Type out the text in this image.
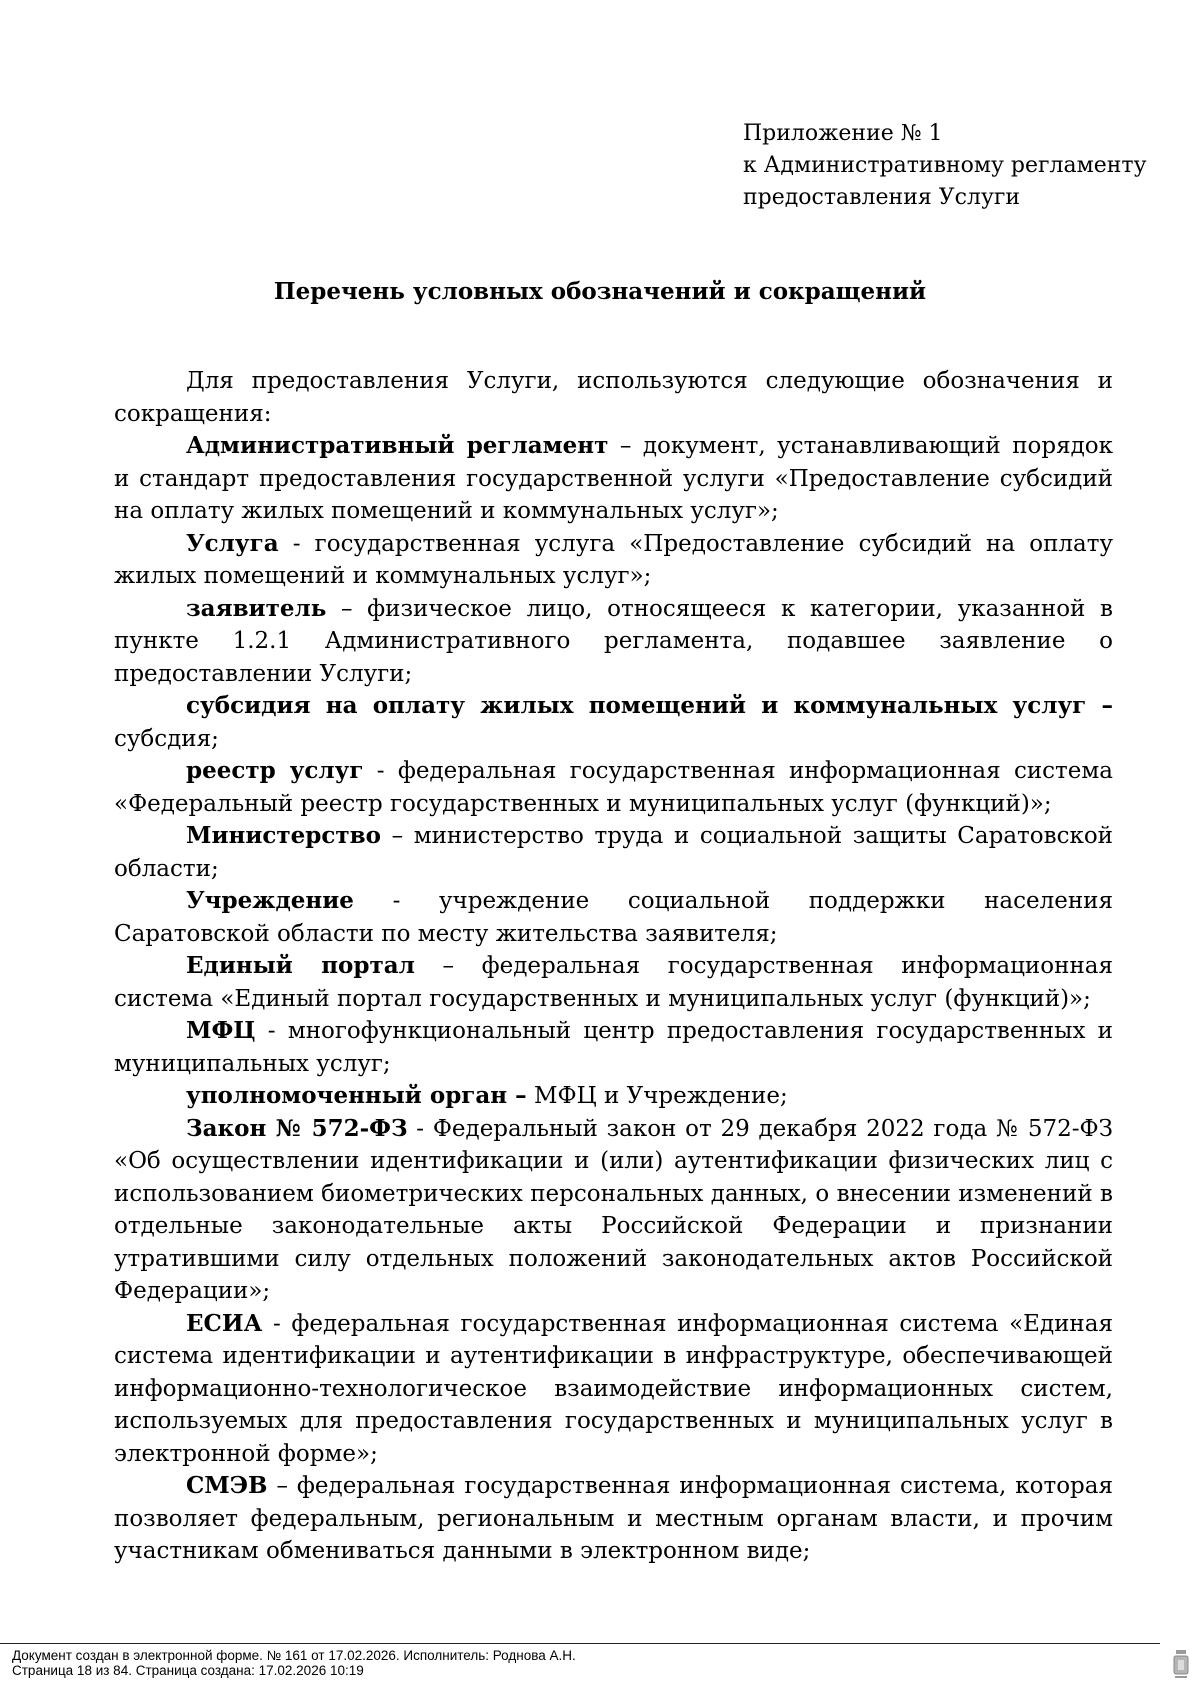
Приложение № 1
к Административному регламенту
предоставления Услуги
Перечень условных обозначений и сокращений

Для предоставления Услуги, используются следующие обозначения и сокращения:

Административный регламент – документ, устанавливающий порядок и стандарт предоставления государственной услуги «Предоставление субсидий на оплату жилых помещений и коммунальных услуг»;

Услуга - государственная услуга «Предоставление субсидий на оплату жилых помещений и коммунальных услуг»;

заявитель – физическое лицо, относящееся к категории, указанной в пункте 1.2.1 Административного регламента, подавшее заявление о предоставлении Услуги;

субсидия на оплату жилых помещений и коммунальных услуг – субсдия;

реестр услуг - федеральная государственная информационная система «Федеральный реестр государственных и муниципальных услуг (функций)»;

Министерство – министерство труда и социальной защиты Саратовской области;

Учреждение - учреждение социальной поддержки населения Саратовской области по месту жительства заявителя;

Единый портал – федеральная государственная информационная система «Единый портал государственных и муниципальных услуг (функций)»;

МФЦ - многофункциональный центр предоставления государственных и муниципальных услуг;

уполномоченный орган – МФЦ и Учреждение;

Закон № 572-ФЗ - Федеральный закон от 29 декабря 2022 года № 572-ФЗ «Об осуществлении идентификации и (или) аутентификации физических лиц с использованием биометрических персональных данных, о внесении изменений в отдельные законодательные акты Российской Федерации и признании утратившими силу отдельных положений законодательных актов Российской Федерации»;

ЕСИА - федеральная государственная информационная система «Единая система идентификации и аутентификации в инфраструктуре, обеспечивающей информационно-технологическое взаимодействие информационных систем, используемых для предоставления государственных и муниципальных услуг в электронной форме»;

СМЭВ – федеральная государственная информационная система, которая позволяет федеральным, региональным и местным органам власти, и прочим участникам обмениваться данными в электронном виде;

Документ создан в электронной форме. № 161 от 17.02.2026. Исполнитель: Роднова А.Н.
Страница 18 из 84. Страница создана: 17.02.2026 10:19
